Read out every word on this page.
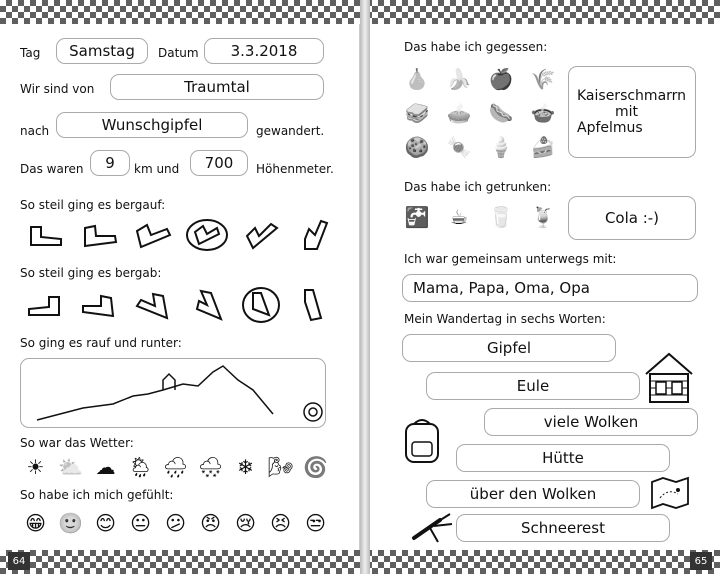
Tag	Samstag	Datum	3.3.2018
Wir sind von	Traumtal
nach	Wunschgipfel	gewandert.
Das waren	9	km und	700	Höhenmeter.
So steil ging es bergauf:
So steil ging es bergab:
So ging es rauf und runter:
So war das Wetter:
☀ ⛅ ☁ 🌦 🌧 🌨 ❄ 🌬 🌀
So habe ich mich gefühlt:
😁 🙂 😊 😐 😕 😠 😢 😣 😒
Das habe ich gegessen:
🍐 🍌 🍎 🌾
🥪 🥧 🌭 🍲
🍪 🍬 🍦 🍰
Kaiserschmarrn
mit
Apfelmus
Das habe ich getrunken:
🚰	☕	🥛 🍹	Cola :-)
Ich war gemeinsam unterwegs mit:
Mama, Papa, Oma, Opa
Mein Wandertag in sechs Worten:
Gipfel
Eule
viele Wolken
Hütte
über den Wolken
Schneerest
64	65
